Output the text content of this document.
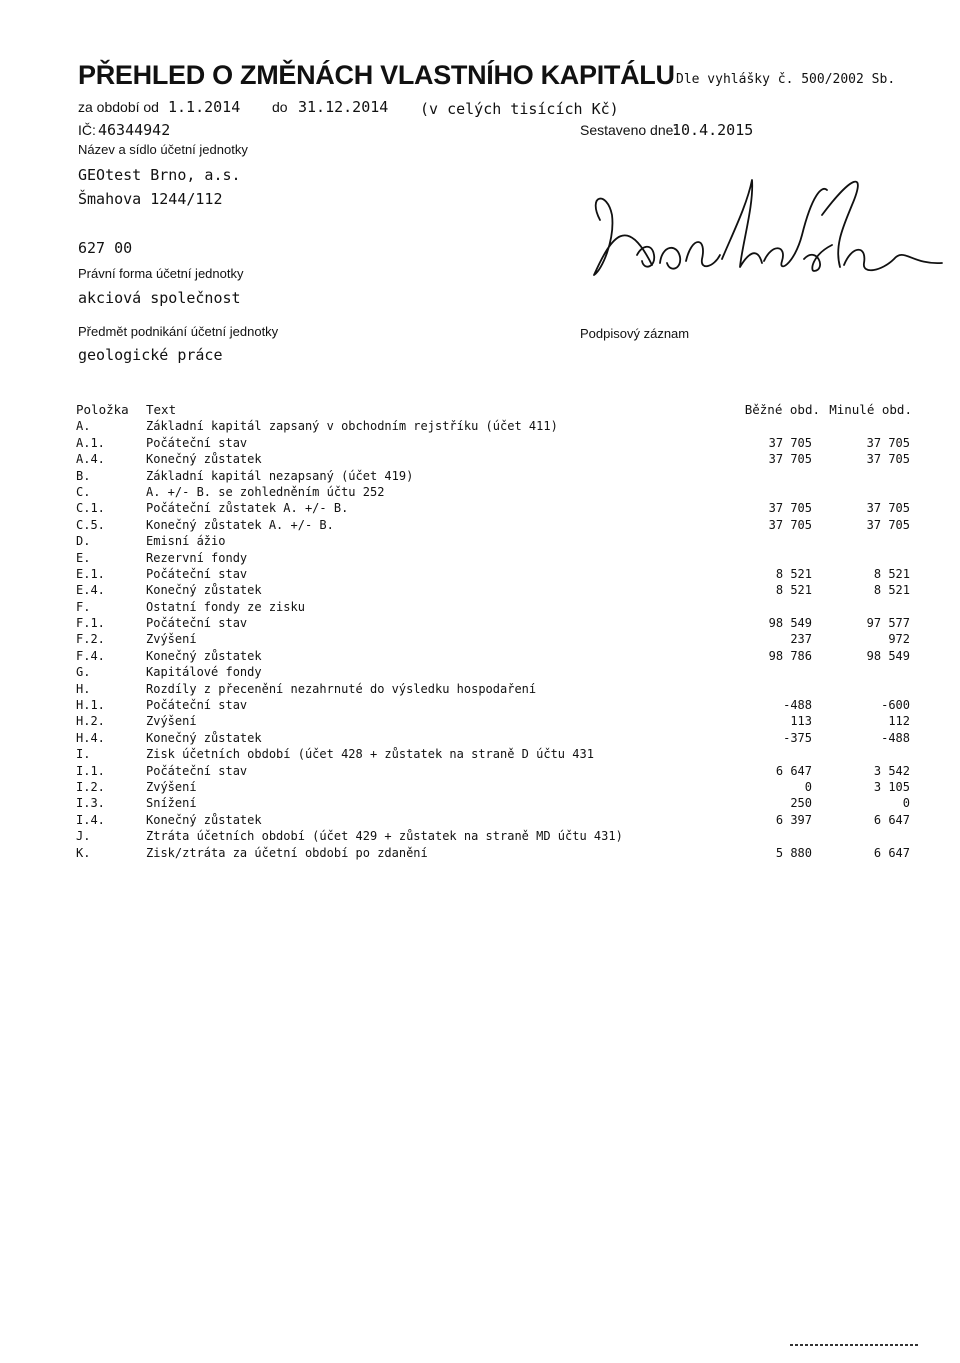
PŘEHLED O ZMĚNÁCH VLASTNÍHO KAPITÁLU Dle vyhlášky č. 500/2002 Sb.
za období od 1.1.2014 do 31.12.2014 (v celých tisících Kč)
IČ: 46344942	Sestaveno dne:
10.4.2015
Název a sídlo účetní jednotky
GEOtest Brno, a.s.
Šmahova 1244/112
627 00
Právní forma účetní jednotky
akciová společnost
Předmět podnikání účetní jednotky
geologické práce
Podpisový záznam
Položka Text	Běžné obd. Minulé obd.
A.	Základní kapitál zapsaný v obchodním rejstříku (účet 411)
A.1.	Počáteční stav	37 705	37 705
A.4.	Konečný zůstatek	37 705	37 705
B.	Základní kapitál nezapsaný (účet 419)
C.	A. +/- B. se zohledněním účtu 252
C.1.	Počáteční zůstatek A. +/- B.	37 705	37 705
C.5.	Konečný zůstatek A. +/- B.	37 705	37 705
D.	Emisní ážio
E.	Rezervní fondy
E.1.	Počáteční stav	8 521	8 521
E.4.	Konečný zůstatek	8 521	8 521
F.	Ostatní fondy ze zisku
F.1.	Počáteční stav	98 549	97 577
F.2.	Zvýšení	237	972
F.4.	Konečný zůstatek	98 786	98 549
G.	Kapitálové fondy
H.	Rozdíly z přecenění nezahrnuté do výsledku hospodaření
H.1.	Počáteční stav	-488	-600
H.2.	Zvýšení	113	112
H.4.	Konečný zůstatek	-375	-488
I.	Zisk účetních období (účet 428 + zůstatek na straně D účtu 431
I.1.	Počáteční stav	6 647	3 542
I.2.	Zvýšení	0	3 105
I.3.	Snížení	250	0
I.4.	Konečný zůstatek	6 397	6 647
J.	Ztráta účetních období (účet 429 + zůstatek na straně MD účtu 431)
K.	Zisk/ztráta za účetní období po zdanění	5 880	6 647
